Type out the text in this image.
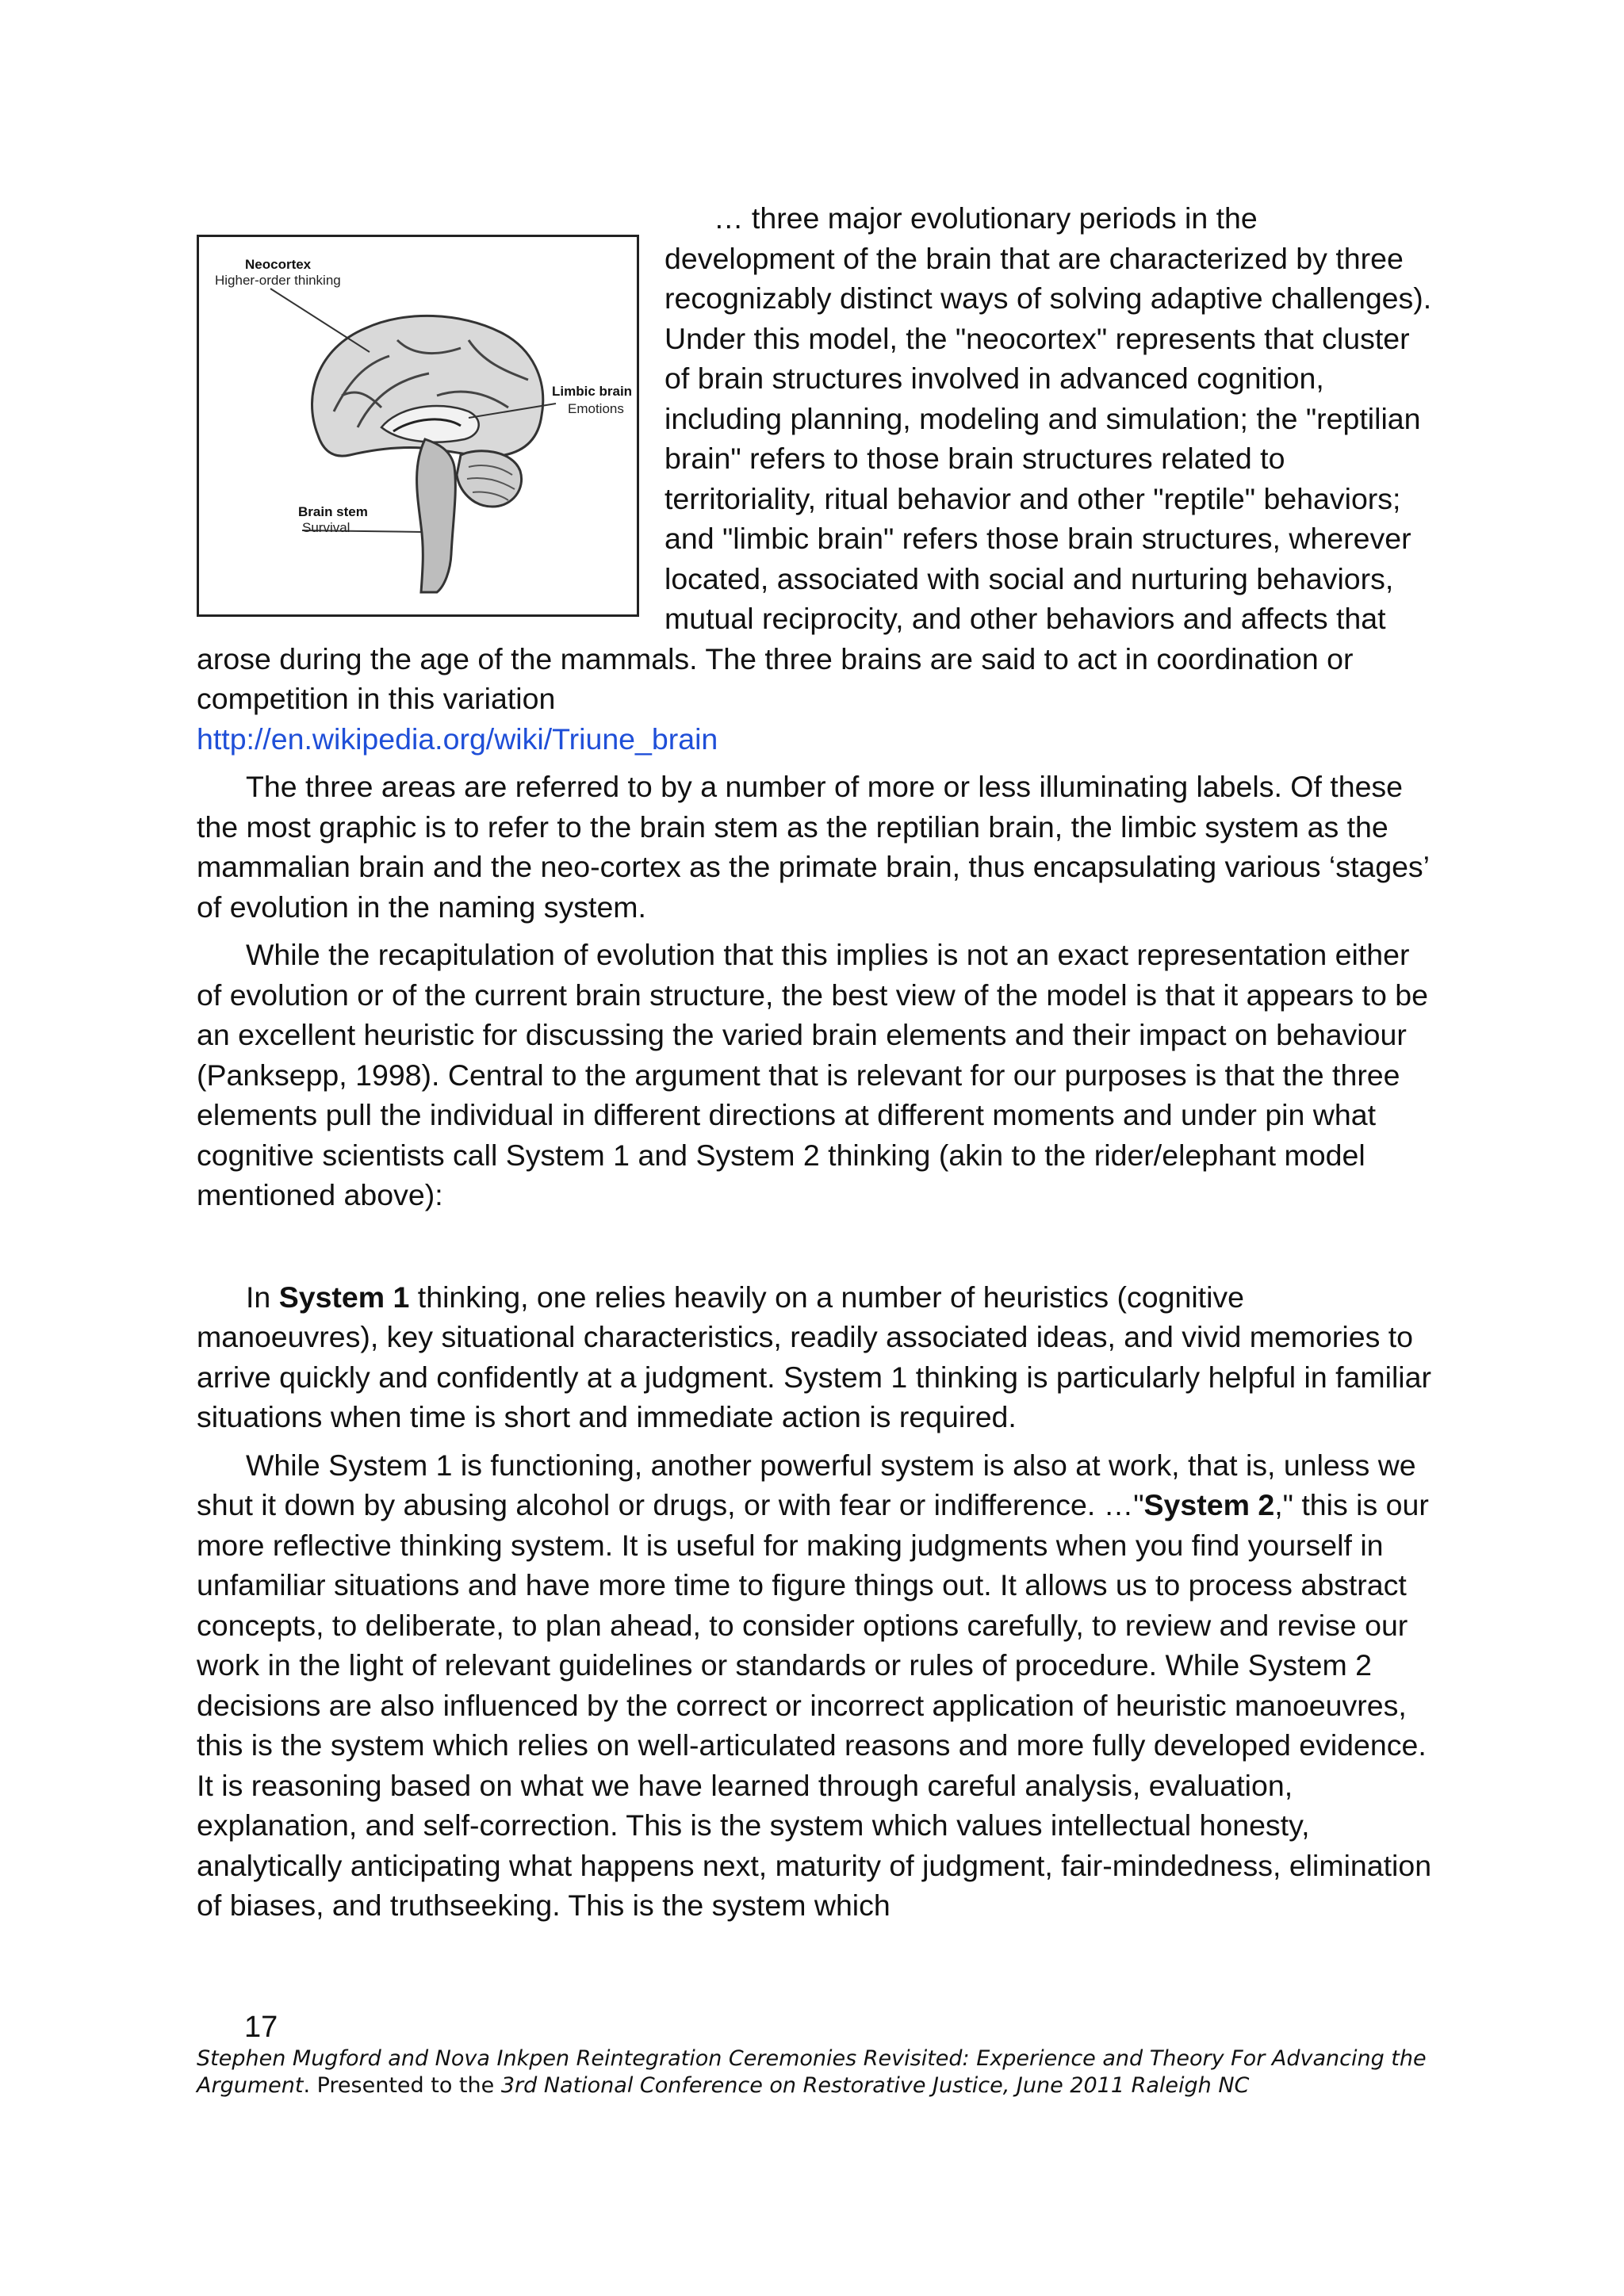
Neocortex
Higher-order thinking
Limbic brain
Emotions
Brain stem
Survival

… three major evolutionary periods in the development of the brain that are characterized by three recognizably distinct ways of solving adaptive challenges). Under this model, the "neocortex" represents that cluster of brain structures involved in advanced cognition, including planning, modeling and simulation; the "reptilian brain" refers to those brain structures related to territoriality, ritual behavior and other "reptile" behaviors; and "limbic brain" refers those brain structures, wherever located, associated with social and nurturing behaviors, mutual reciprocity, and other behaviors and affects that arose during the age of the mammals. The three brains are said to act in coordination or competition in this variation
http://en.wikipedia.org/wiki/Triune_brain

The three areas are referred to by a number of more or less illuminating labels. Of these the most graphic is to refer to the brain stem as the reptilian brain, the limbic system as the mammalian brain and the neo-cortex as the primate brain, thus encapsulating various ‘stages’ of evolution in the naming system.

While the recapitulation of evolution that this implies is not an exact representation either of evolution or of the current brain structure, the best view of the model is that it appears to be an excellent heuristic for discussing the varied brain elements and their impact on behaviour (Panksepp, 1998). Central to the argument that is relevant for our purposes is that the three elements pull the individual in different directions at different moments and under pin what cognitive scientists call System 1 and System 2 thinking (akin to the rider/elephant model mentioned above):

In System 1 thinking, one relies heavily on a number of heuristics (cognitive manoeuvres), key situational characteristics, readily associated ideas, and vivid memories to arrive quickly and confidently at a judgment. System 1 thinking is particularly helpful in familiar situations when time is short and immediate action is required.

While System 1 is functioning, another powerful system is also at work, that is, unless we shut it down by abusing alcohol or drugs, or with fear or indifference. …"System 2," this is our more reflective thinking system. It is useful for making judgments when you find yourself in unfamiliar situations and have more time to figure things out. It allows us to process abstract concepts, to deliberate, to plan ahead, to consider options carefully, to review and revise our work in the light of relevant guidelines or standards or rules of procedure. While System 2 decisions are also influenced by the correct or incorrect application of heuristic manoeuvres, this is the system which relies on well-articulated reasons and more fully developed evidence. It is reasoning based on what we have learned through careful analysis, evaluation, explanation, and self-correction. This is the system which values intellectual honesty, analytically anticipating what happens next, maturity of judgment, fair-mindedness, elimination of biases, and truthseeking. This is the system which

17
Stephen Mugford and Nova Inkpen Reintegration Ceremonies Revisited: Experience and Theory For Advancing the Argument. Presented to the 3rd National Conference on Restorative Justice, June 2011 Raleigh NC
